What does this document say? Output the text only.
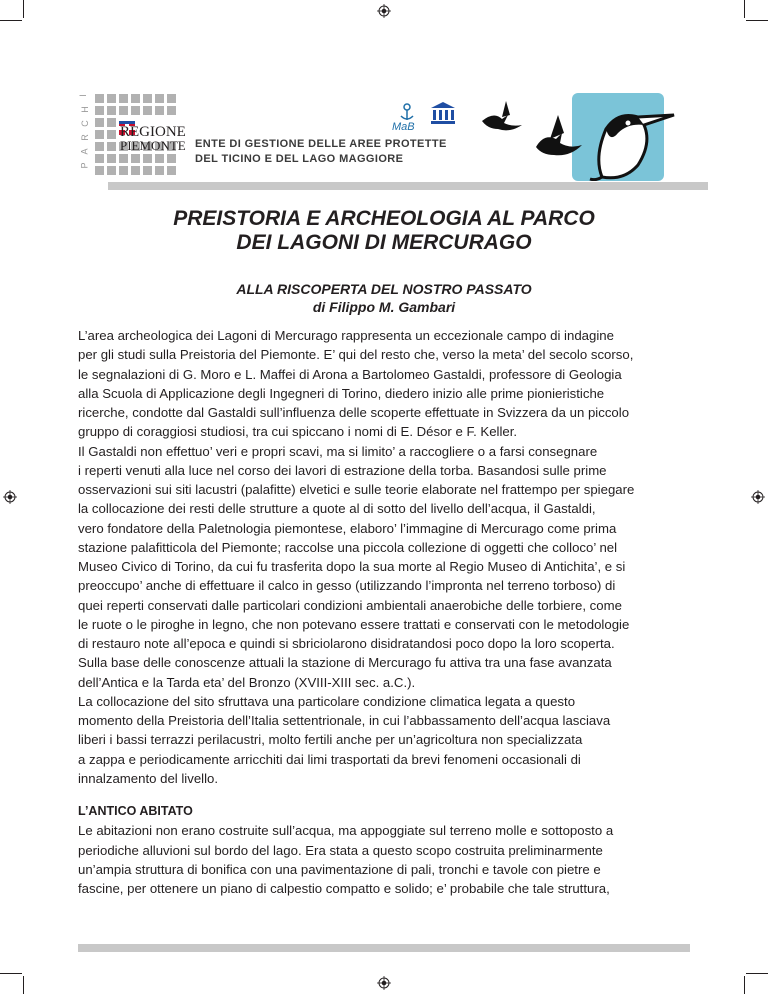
P
A
R
C
H
I
REGIONE
PIEMONTE ENTE DI GESTIONE DELLE AREE PROTETTE
DEL TICINO E DEL LAGO MAGGIORE
MaB
PREISTORIA E ARCHEOLOGIA AL PARCO
DEI LAGONI DI MERCURAGO
ALLA RISCOPERTA DEL NOSTRO PASSATO
di Filippo M. Gambari

L’area archeologica dei Lagoni di Mercurago rappresenta un eccezionale campo di indagine

per gli studi sulla Preistoria del Piemonte. E’ qui del resto che, verso la meta’ del secolo scorso,

le segnalazioni di G. Moro e L. Maffei di Arona a Bartolomeo Gastaldi, professore di Geologia

alla Scuola di Applicazione degli Ingegneri di Torino, diedero inizio alle prime pionieristiche

ricerche, condotte dal Gastaldi sull’influenza delle scoperte effettuate in Svizzera da un piccolo

gruppo di coraggiosi studiosi, tra cui spiccano i nomi di E. Désor e F. Keller.

Il Gastaldi non effettuo’ veri e propri scavi, ma si limito’ a raccogliere o a farsi consegnare

i reperti venuti alla luce nel corso dei lavori di estrazione della torba. Basandosi sulle prime

osservazioni sui siti lacustri (palafitte) elvetici e sulle teorie elaborate nel frattempo per spiegare

la collocazione dei resti delle strutture a quote al di sotto del livello dell’acqua, il Gastaldi,

vero fondatore della Paletnologia piemontese, elaboro’ l’immagine di Mercurago come prima

stazione palafitticola del Piemonte; raccolse una piccola collezione di oggetti che colloco’ nel

Museo Civico di Torino, da cui fu trasferita dopo la sua morte al Regio Museo di Antichita’, e si

preoccupo’ anche di effettuare il calco in gesso (utilizzando l’impronta nel terreno torboso) di

quei reperti conservati dalle particolari condizioni ambientali anaerobiche delle torbiere, come

le ruote o le piroghe in legno, che non potevano essere trattati e conservati con le metodologie

di restauro note all’epoca e quindi si sbriciolarono disidratandosi poco dopo la loro scoperta.

Sulla base delle conoscenze attuali la stazione di Mercurago fu attiva tra una fase avanzata

dell’Antica e la Tarda eta’ del Bronzo (XVIII-XIII sec. a.C.).

La collocazione del sito sfruttava una particolare condizione climatica legata a questo

momento della Preistoria dell’Italia settentrionale, in cui l’abbassamento dell’acqua lasciava

liberi i bassi terrazzi perilacustri, molto fertili anche per un’agricoltura non specializzata

a zappa e periodicamente arricchiti dai limi trasportati da brevi fenomeni occasionali di

innalzamento del livello.

L’ANTICO ABITATO

Le abitazioni non erano costruite sull’acqua, ma appoggiate sul terreno molle e sottoposto a

periodiche alluvioni sul bordo del lago. Era stata a questo scopo costruita preliminarmente

un’ampia struttura di bonifica con una pavimentazione di pali, tronchi e tavole con pietre e

fascine, per ottenere un piano di calpestio compatto e solido; e’ probabile che tale struttura,
